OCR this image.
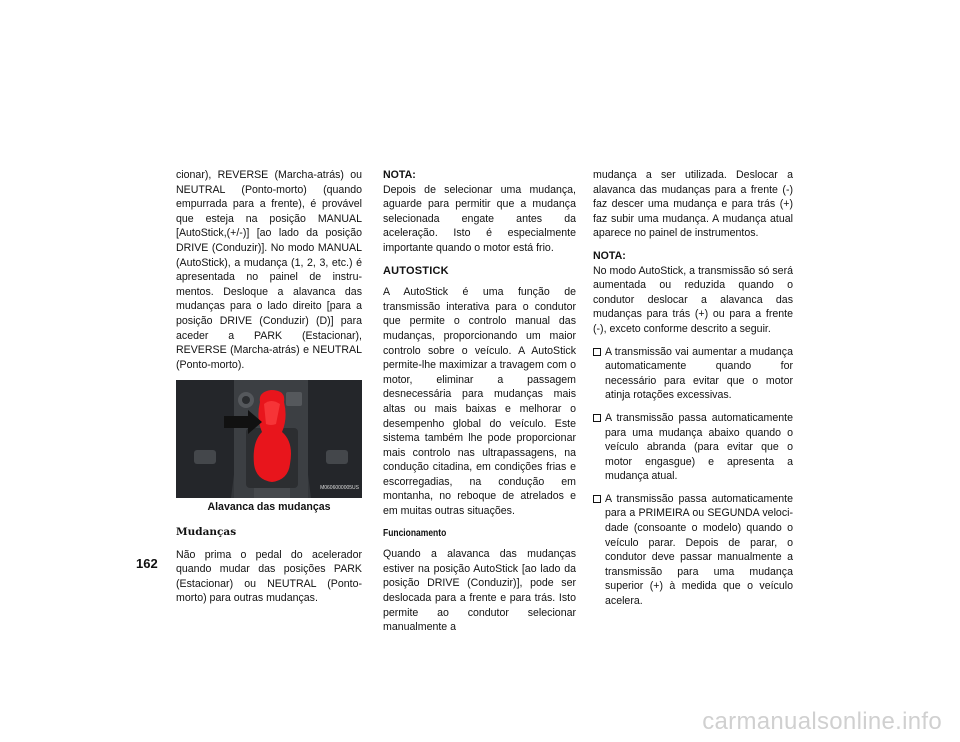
ARRANQUE E FUNCIONAMENTO
162

cionar), REVERSE (Marcha-atrás) ou NEUTRAL (Ponto-morto) (quando empurrada para a frente), é provável que esteja na posição MANUAL [AutoStick,(+/-)] [ao lado da posição DRIVE (Conduzir)]. No modo MANUAL (AutoStick), a mudança (1, 2, 3, etc.) é apresentada no painel de instrumentos. Desloque a alavanca das mudanças para o lado direito [para a posição DRIVE (Conduzir) (D)] para aceder a PARK (Estacionar), REVERSE (Marcha-atrás) e NEUTRAL (Ponto-morto).

M0606000005US
Alavanca das mudanças
Mudanças

Não prima o pedal do acelerador quando mudar das posições PARK (Estacionar) ou NEUTRAL (Ponto-morto) para outras mudanças.

NOTA:
Depois de selecionar uma mudança, aguarde para permitir que a mudança selecionada engate antes da aceleração. Isto é especialmente importante quando o motor está frio.

AUTOSTICK

A AutoStick é uma função de transmissão interativa para o condutor que permite o controlo manual das mudanças, proporcionando um maior controlo sobre o veículo. A AutoStick permite-lhe maximizar a travagem com o motor, eliminar a passagem desnecessária para mudanças mais altas ou mais baixas e melhorar o desempenho global do veículo. Este sistema também lhe pode proporcionar mais controlo nas ultrapassagens, na condução citadina, em condições frias e escorregadias, na condução em montanha, no reboque de atrelados e em muitas outras situações.

Funcionamento

Quando a alavanca das mudanças estiver na posição AutoStick [ao lado da posição DRIVE (Conduzir)], pode ser deslocada para a frente e para trás. Isto permite ao condutor selecionar manualmente a

mudança a ser utilizada. Deslocar a alavanca das mudanças para a frente (-) faz descer uma mudança e para trás (+) faz subir uma mudança. A mudança atual aparece no painel de instrumentos.

NOTA:
No modo AutoStick, a transmissão só será aumentada ou reduzida quando o condutor deslocar a alavanca das mudanças para trás (+) ou para a frente (-), exceto conforme descrito a seguir.

A transmissão vai aumentar a mudança automaticamente quando for necessário para evitar que o motor atinja rotações excessivas.
A transmissão passa automaticamente para uma mudança abaixo quando o veículo abranda (para evitar que o motor engasgue) e apresenta a mudança atual.
A transmissão passa automaticamente para a PRIMEIRA ou SEGUNDA velocidade (consoante o modelo) quando o veículo parar. Depois de parar, o condutor deve passar manualmente a transmissão para uma mudança superior (+) à medida que o veículo acelera.
carmanualsonline.info
